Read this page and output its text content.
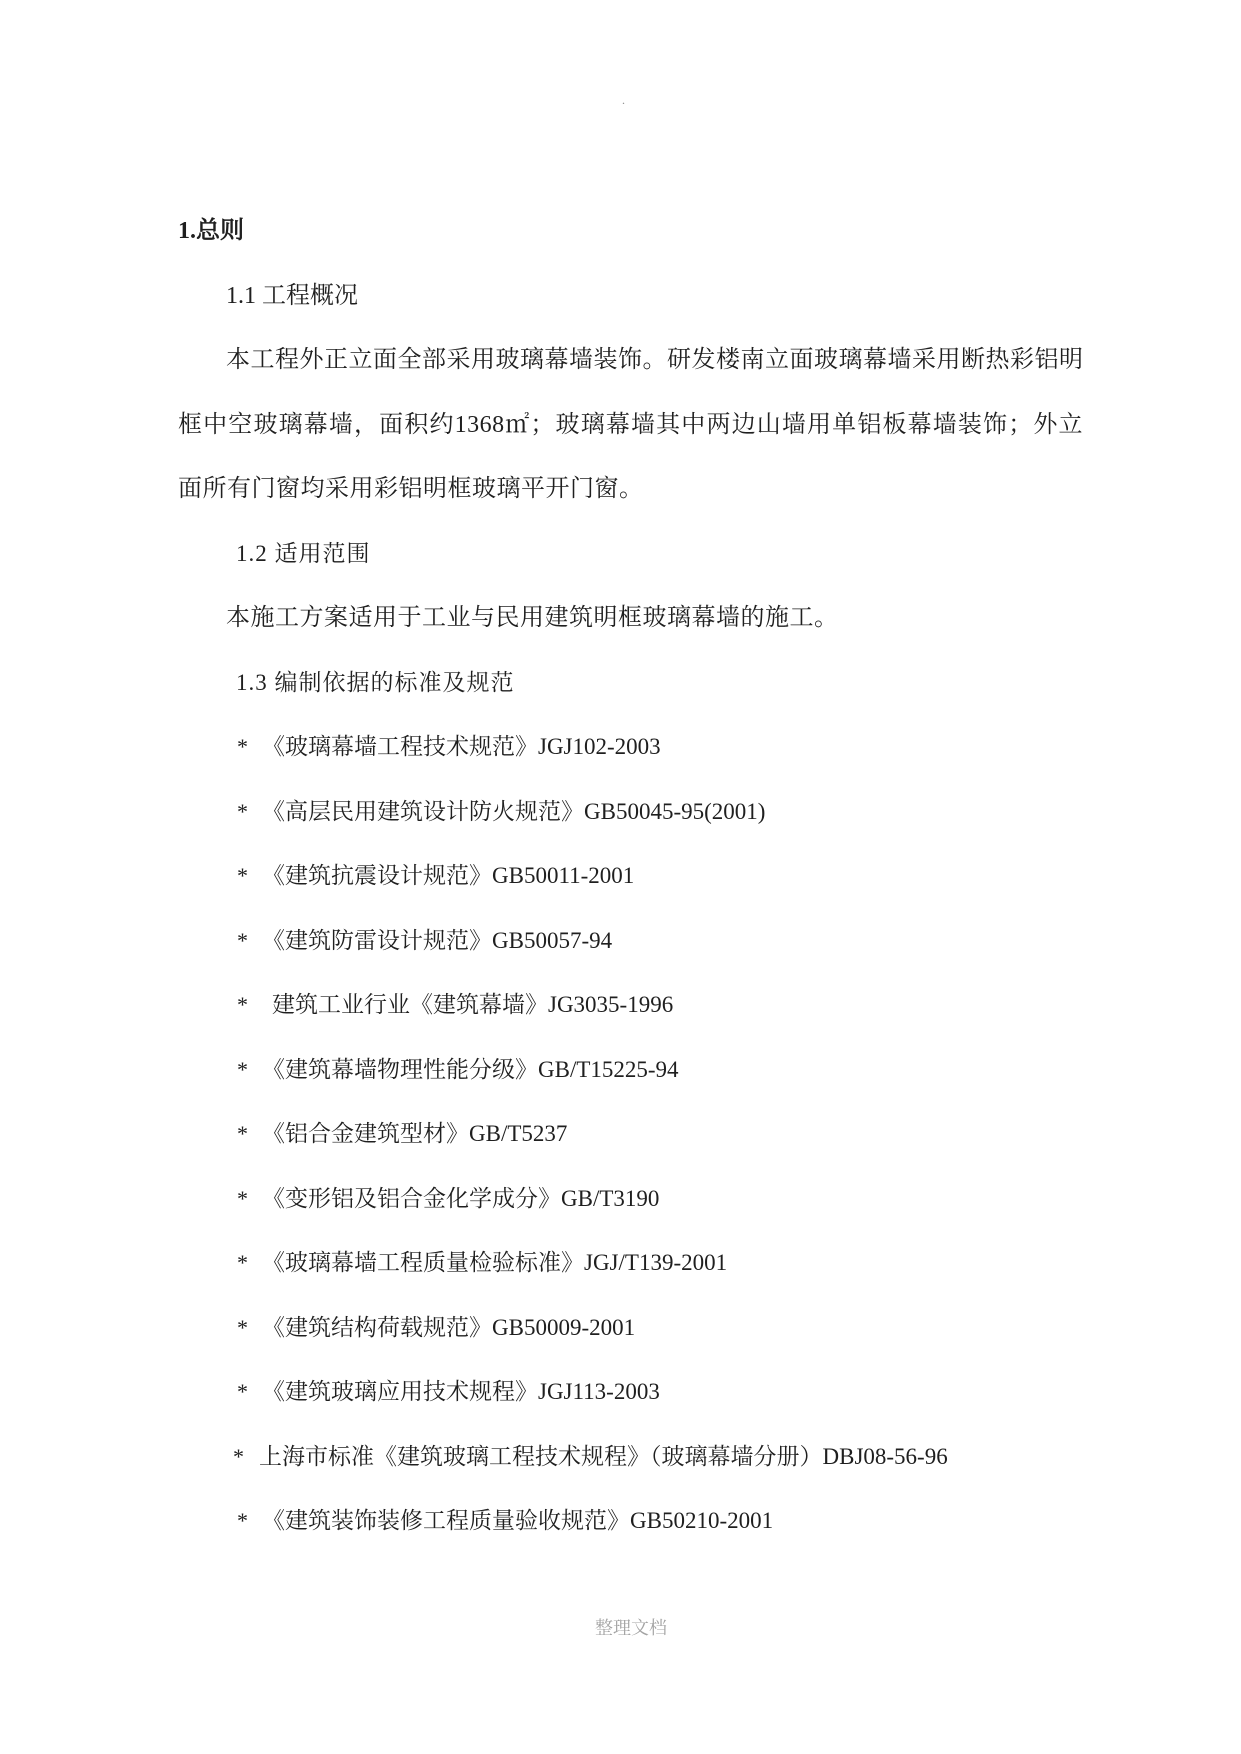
.
1.总则
1.1 工程概况
本工程外正立面全部采用玻璃幕墙装饰。研发楼南立面玻璃幕墙采用断热彩铝明
框中空玻璃幕墙，面积约1368㎡；玻璃幕墙其中两边山墙用单铝板幕墙装饰；外立
面所有门窗均采用彩铝明框玻璃平开门窗。
1.2 适用范围
本施工方案适用于工业与民用建筑明框玻璃幕墙的施工。
1.3 编制依据的标准及规范
* 《玻璃幕墙工程技术规范》JGJ102-2003
* 《高层民用建筑设计防火规范》GB50045-95(2001)
* 《建筑抗震设计规范》GB50011-2001
* 《建筑防雷设计规范》GB50057-94
* 建筑工业行业《建筑幕墙》JG3035-1996
* 《建筑幕墙物理性能分级》GB/T15225-94
* 《铝合金建筑型材》GB/T5237
* 《变形铝及铝合金化学成分》GB/T3190
* 《玻璃幕墙工程质量检验标准》JGJ/T139-2001
* 《建筑结构荷载规范》GB50009-2001
* 《建筑玻璃应用技术规程》JGJ113-2003
* 上海市标准《建筑玻璃工程技术规程》（玻璃幕墙分册）DBJ08-56-96
* 《建筑装饰装修工程质量验收规范》GB50210-2001
整理文档
